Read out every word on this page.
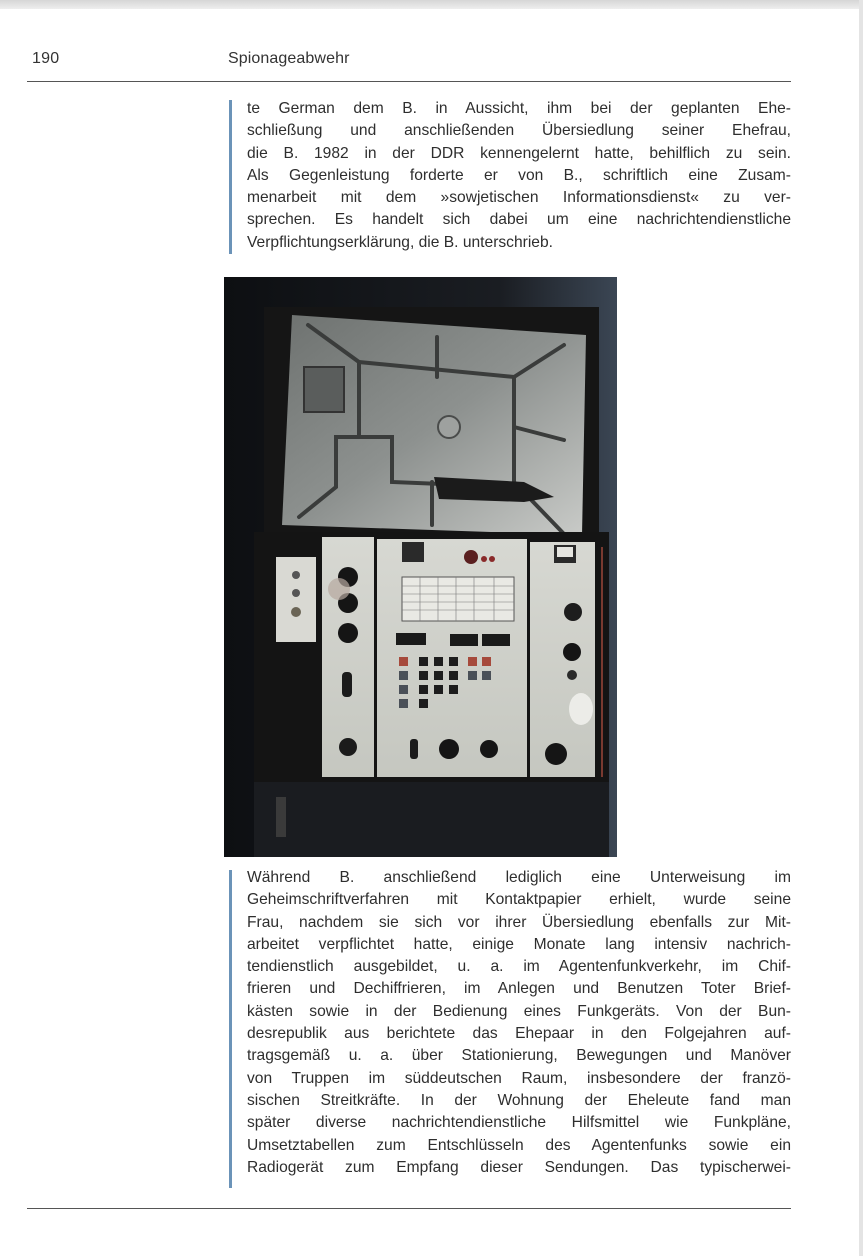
190	Spionageabwehr
te German dem B. in Aussicht, ihm bei der geplanten Ehe-
schließung und anschließenden Übersiedlung seiner Ehefrau,
die B. 1982 in der DDR kennengelernt hatte, behilflich zu sein.
Als Gegenleistung forderte er von B., schriftlich eine Zusam-
menarbeit mit dem »sowjetischen Informationsdienst« zu ver-
sprechen. Es handelt sich dabei um eine nachrichtendienstliche
Verpflichtungserklärung, die B. unterschrieb.
Während B. anschließend lediglich eine Unterweisung im
Geheimschriftverfahren mit Kontaktpapier erhielt, wurde seine
Frau, nachdem sie sich vor ihrer Übersiedlung ebenfalls zur Mit-
arbeitet verpflichtet hatte, einige Monate lang intensiv nachrich-
tendienstlich ausgebildet, u. a. im Agentenfunkverkehr, im Chif-
frieren und Dechiffrieren, im Anlegen und Benutzen Toter Brief-
kästen sowie in der Bedienung eines Funkgeräts. Von der Bun-
desrepublik aus berichtete das Ehepaar in den Folgejahren auf-
tragsgemäß u. a. über Stationierung, Bewegungen und Manöver
von Truppen im süddeutschen Raum, insbesondere der franzö-
sischen Streitkräfte. In der Wohnung der Eheleute fand man
später diverse nachrichtendienstliche Hilfsmittel wie Funkpläne,
Umsetztabellen zum Entschlüsseln des Agentenfunks sowie ein
Radiogerät zum Empfang dieser Sendungen. Das typischerwei-
